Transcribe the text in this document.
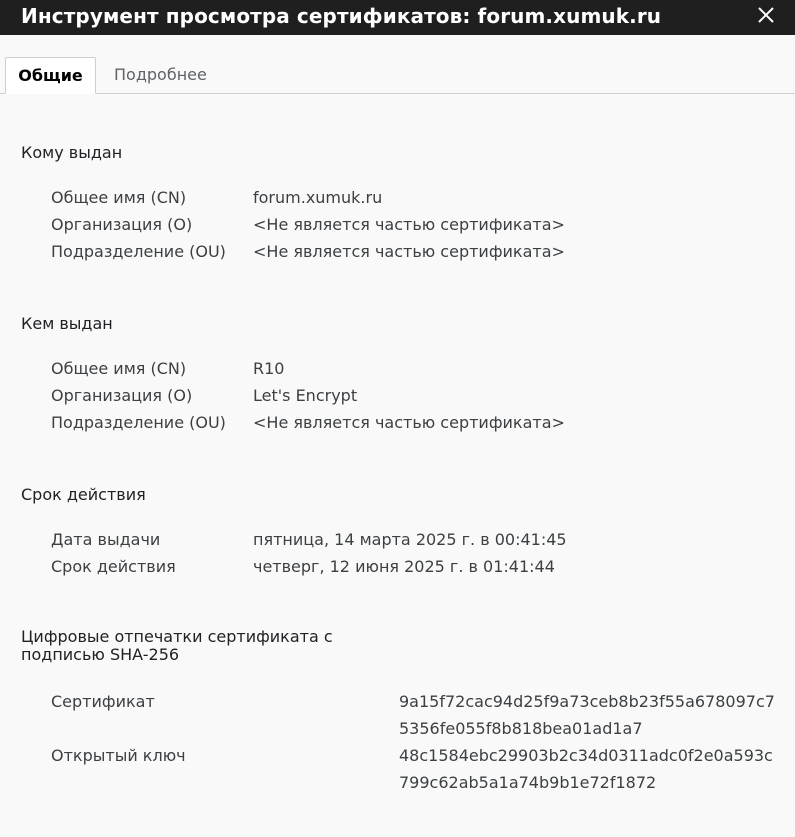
Инструмент просмотра сертификатов: forum.xumuk.ru
Общие	Подробнее
Кому выдан
Общее имя (CN)	forum.xumuk.ru
Организация (O)	<Не является частью сертификата>
Подразделение (OU) <Не является частью сертификата>
Кем выдан
Общее имя (CN)	R10
Организация (O)	Let's Encrypt
Подразделение (OU) <Не является частью сертификата>
Срок действия
Дата выдачи	пятница, 14 марта 2025 г. в 00:41:45
Срок действия	четверг, 12 июня 2025 г. в 01:41:44
Цифровые отпечатки сертификата с
подписью SHA-256
Сертификат	9a15f72cac94d25f9a73ceb8b23f55a678097c75356fe055f8b818bea01ad1a7
Открытый ключ	48c1584ebc29903b2c34d0311adc0f2e0a593c799c62ab5a1a74b9b1e72f1872
